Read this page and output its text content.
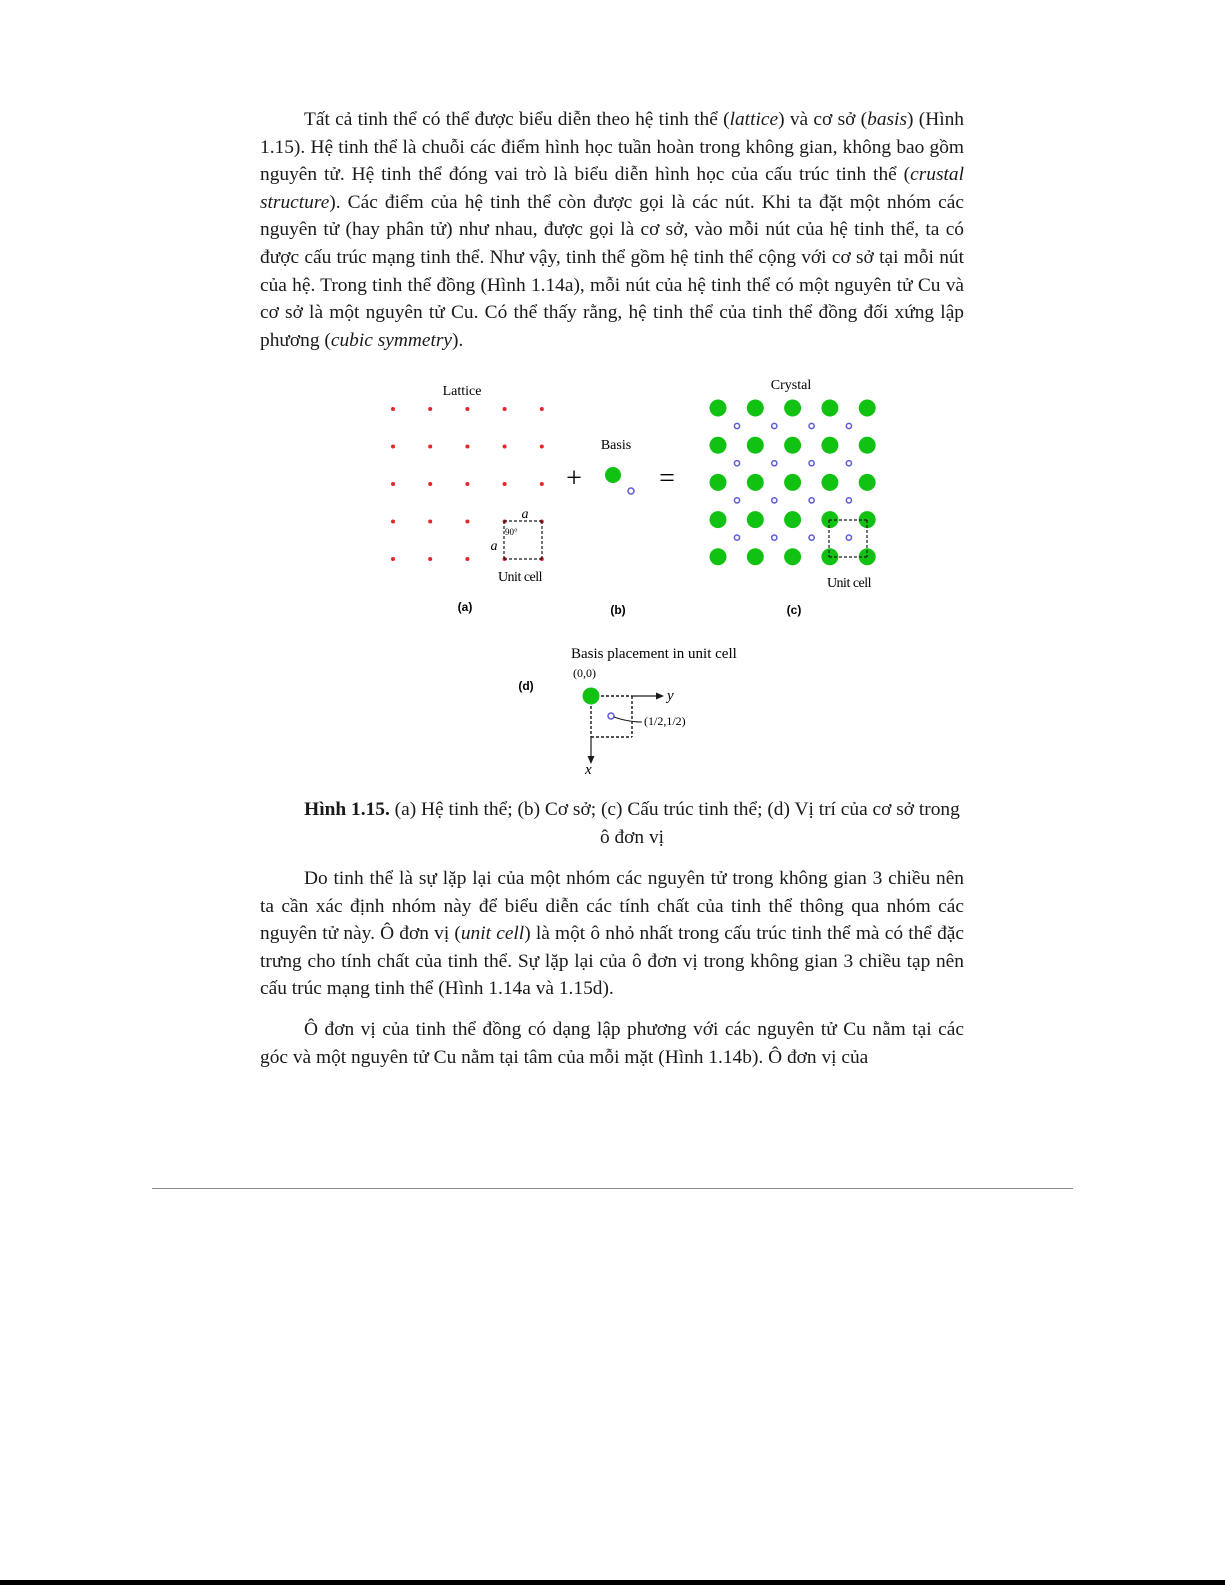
Tất cả tinh thể có thể được biểu diễn theo hệ tinh thể (lattice) và cơ sở (basis) (Hình 1.15). Hệ tinh thể là chuỗi các điểm hình học tuần hoàn trong không gian, không bao gồm nguyên tử. Hệ tinh thể đóng vai trò là biểu diễn hình học của cấu trúc tinh thể (crustal structure). Các điểm của hệ tinh thể còn được gọi là các nút. Khi ta đặt một nhóm các nguyên tử (hay phân tử) như nhau, được gọi là cơ sở, vào mỗi nút của hệ tinh thể, ta có được cấu trúc mạng tinh thể. Như vậy, tinh thể gồm hệ tinh thể cộng với cơ sở tại mỗi nút của hệ. Trong tinh thể đồng (Hình 1.14a), mỗi nút của hệ tinh thể có một nguyên tử Cu và cơ sở là một nguyên tử Cu. Có thể thấy rằng, hệ tinh thể của tinh thể đồng đối xứng lập phương (cubic symmetry).

Lattice
a
a
90°
Unit cell
(a)
+
Basis
(b)
=
Crystal
Unit cell
(c)
(d)
Basis placement in unit cell
(0,0)
y
x
(1/2,1/2)
Hình 1.15. (a) Hệ tinh thể; (b) Cơ sở; (c) Cấu trúc tinh thể; (d) Vị trí của cơ sở trong ô đơn vị

Do tinh thể là sự lặp lại của một nhóm các nguyên tử trong không gian 3 chiều nên ta cần xác định nhóm này để biểu diễn các tính chất của tinh thể thông qua nhóm các nguyên tử này. Ô đơn vị (unit cell) là một ô nhỏ nhất trong cấu trúc tinh thể mà có thể đặc trưng cho tính chất của tinh thể. Sự lặp lại của ô đơn vị trong không gian 3 chiều tạp nên cấu trúc mạng tinh thể (Hình 1.14a và 1.15d).

Ô đơn vị của tinh thể đồng có dạng lập phương với các nguyên tử Cu nằm tại các góc và một nguyên tử Cu nằm tại tâm của mỗi mặt (Hình 1.14b). Ô đơn vị của
